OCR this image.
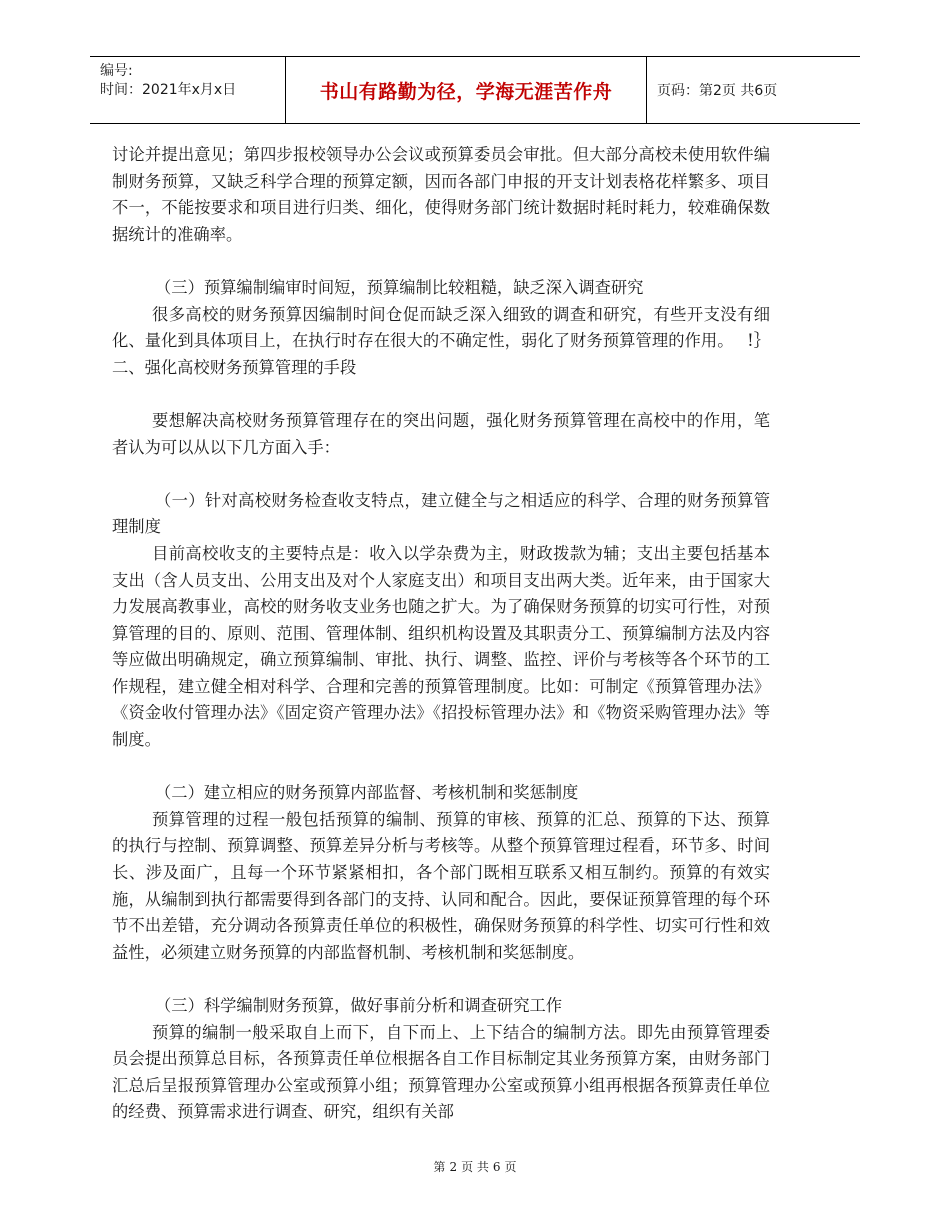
编号:
时间：2021年x月x日	书山有路勤为径，学海无涯苦作舟	页码：第2页 共6页

讨论并提出意见；第四步报校领导办公会议或预算委员会审批。但大部分高校未使用软件编制财务预算，又缺乏科学合理的预算定额，因而各部门申报的开支计划表格花样繁多、项目不一，不能按要求和项目进行归类、细化，使得财务部门统计数据时耗时耗力，较难确保数据统计的准确率。

（三）预算编制编审时间短，预算编制比较粗糙，缺乏深入调查研究

很多高校的财务预算因编制时间仓促而缺乏深入细致的调查和研究，有些开支没有细化、量化到具体项目上，在执行时存在很大的不确定性，弱化了财务预算管理的作用。　 !｝二、强化高校财务预算管理的手段

要想解决高校财务预算管理存在的突出问题，强化财务预算管理在高校中的作用，笔者认为可以从以下几方面入手：

（一）针对高校财务检查收支特点，建立健全与之相适应的科学、合理的财务预算管理制度

目前高校收支的主要特点是：收入以学杂费为主，财政拨款为辅；支出主要包括基本支出（含人员支出、公用支出及对个人家庭支出）和项目支出两大类。近年来，由于国家大力发展高教事业，高校的财务收支业务也随之扩大。为了确保财务预算的切实可行性，对预算管理的目的、原则、范围、管理体制、组织机构设置及其职责分工、预算编制方法及内容等应做出明确规定，确立预算编制、审批、执行、调整、监控、评价与考核等各个环节的工作规程，建立健全相对科学、合理和完善的预算管理制度。比如：可制定《预算管理办法》《资金收付管理办法》《固定资产管理办法》《招投标管理办法》和《物资采购管理办法》等制度。

（二）建立相应的财务预算内部监督、考核机制和奖惩制度

预算管理的过程一般包括预算的编制、预算的审核、预算的汇总、预算的下达、预算的执行与控制、预算调整、预算差异分析与考核等。从整个预算管理过程看，环节多、时间长、涉及面广，且每一个环节紧紧相扣，各个部门既相互联系又相互制约。预算的有效实施，从编制到执行都需要得到各部门的支持、认同和配合。因此，要保证预算管理的每个环节不出差错，充分调动各预算责任单位的积极性，确保财务预算的科学性、切实可行性和效益性，必须建立财务预算的内部监督机制、考核机制和奖惩制度。

（三）科学编制财务预算，做好事前分析和调查研究工作

预算的编制一般采取自上而下，自下而上、上下结合的编制方法。即先由预算管理委员会提出预算总目标，各预算责任单位根据各自工作目标制定其业务预算方案，由财务部门汇总后呈报预算管理办公室或预算小组；预算管理办公室或预算小组再根据各预算责任单位的经费、预算需求进行调查、研究，组织有关部

第 2 页 共 6 页
